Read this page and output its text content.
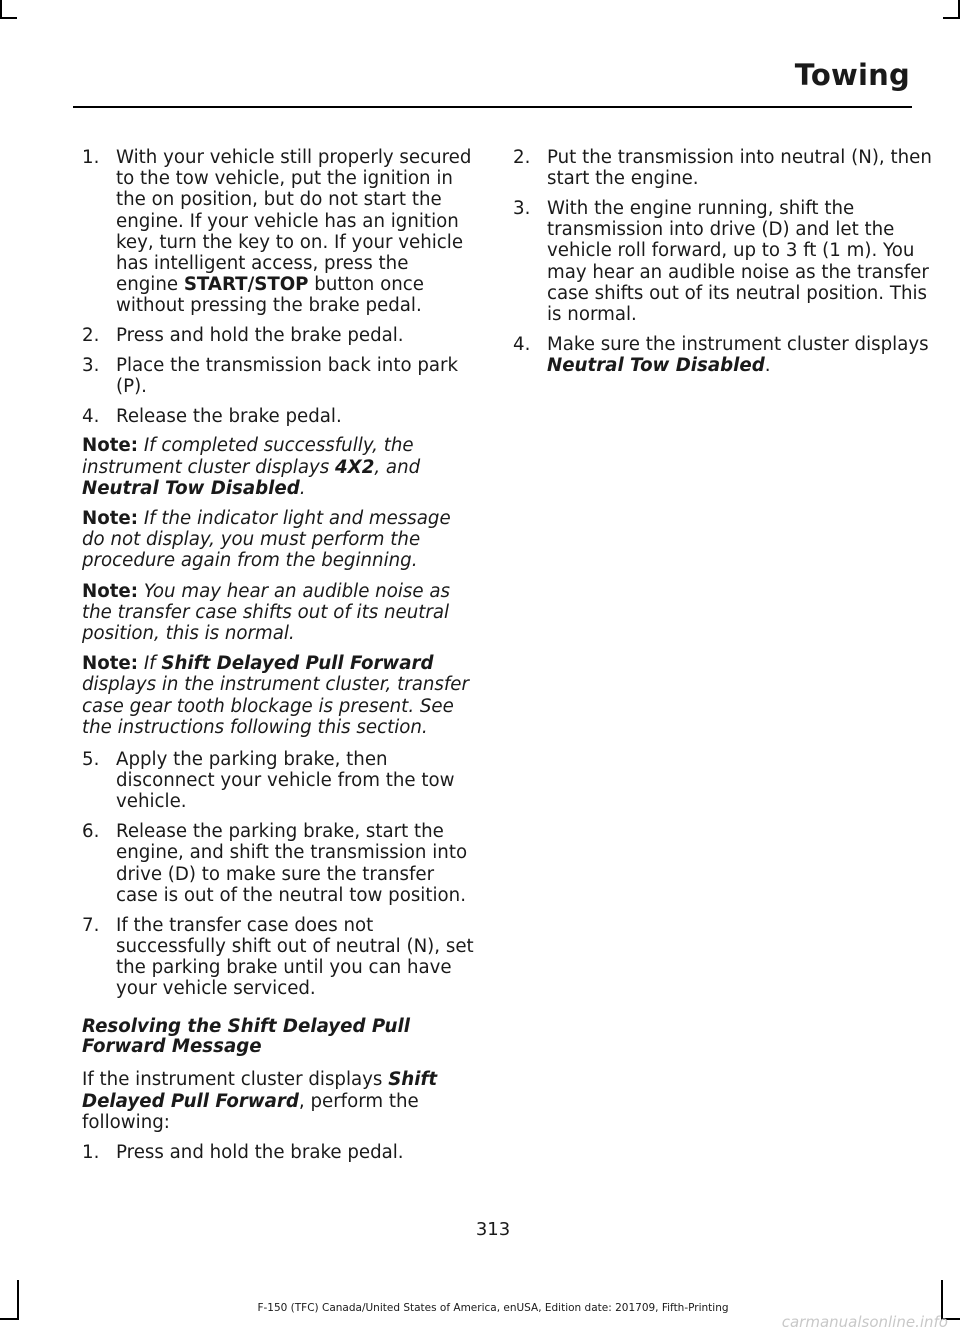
Towing
1. With your vehicle still properly secured to the tow vehicle, put the ignition in the on position, but do not start the engine. If your vehicle has an ignition key, turn the key to on. If your vehicle has intelligent access, press the engine START/STOP button once without pressing the brake pedal.
2. Press and hold the brake pedal.
3. Place the transmission back into park (P).
4. Release the brake pedal.
Note: If completed successfully, the instrument cluster displays 4X2, and Neutral Tow Disabled.
Note: If the indicator light and message do not display, you must perform the procedure again from the beginning.
Note: You may hear an audible noise as the transfer case shifts out of its neutral position, this is normal.
Note: If Shift Delayed Pull Forward displays in the instrument cluster, transfer case gear tooth blockage is present. See the instructions following this section.
5. Apply the parking brake, then disconnect your vehicle from the tow vehicle.
6. Release the parking brake, start the engine, and shift the transmission into drive (D) to make sure the transfer case is out of the neutral tow position.
7. If the transfer case does not successfully shift out of neutral (N), set the parking brake until you can have your vehicle serviced.
Resolving the Shift Delayed Pull Forward Message
If the instrument cluster displays Shift Delayed Pull Forward, perform the following:
1. Press and hold the brake pedal.
2. Put the transmission into neutral (N), then start the engine.
3. With the engine running, shift the transmission into drive (D) and let the vehicle roll forward, up to 3 ft (1 m). You may hear an audible noise as the transfer case shifts out of its neutral position. This is normal.
4. Make sure the instrument cluster displays Neutral Tow Disabled.
313
F-150 (TFC) Canada/United States of America, enUSA, Edition date: 201709, Fifth-Printing
carmanualsonline.info
